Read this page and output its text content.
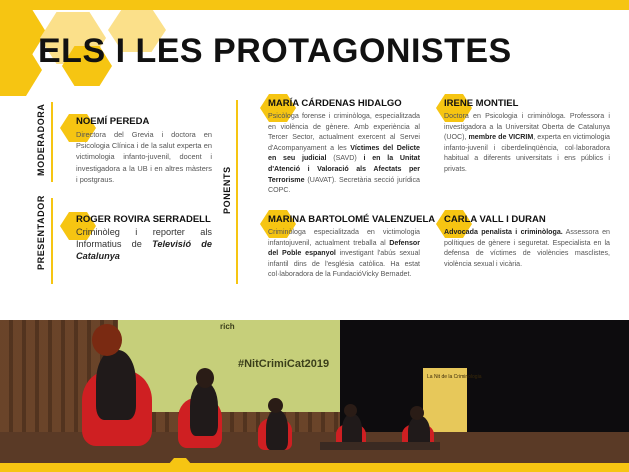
ELS I LES PROTAGONISTES
MODERADORA
PRESENTADOR

NOEMÍ PEREDA

Directora del Grevia i doctora en Psicologia Clínica i de la salut experta en victimologia infanto-juvenil, docent i investigadora a la UB i en altres màsters i postgraus.

ROGER ROVIRA SERRADELL

Criminòleg i reporter als Informatius de Televisió de Catalunya

PONENTS

MARÍA CÁRDENAS HIDALGO

Psicòloga forense i criminòloga, especialitzada en violència de gènere. Amb experiència al Tercer Sector, actualment exercent al Servei d'Acompanyament a les Víctimes del Delicte en seu judicial (SAVD) i en la Unitat d'Atenció i Valoració als Afectats per Terrorisme (UAVAT). Secretària secció jurídica COPC.

IRENE MONTIEL

Doctora en Psicologia i criminòloga. Professora i investigadora a la Universitat Oberta de Catalunya (UOC), membre de VICRIM, experta en victimologia infanto-juvenil i ciberdelinqüència, col·laboradora habitual a diferents universitats i ens públics i privats.

MARINA BARTOLOMÉ VALENZUELA

Criminòloga especialitzada en victimologia infantojuvenil, actualment treballa al Defensor del Poble espanyol investigant l'abús sexual infantil dins de l'església catòlica. Ha estat col·laboradora de la FundacióVicky Bernadet.

CARLA VALL I DURAN

Advocada penalista i criminòloga. Assessora en polítiques de gènere i seguretat. Especialista en la defensa de víctimes de violències masclistes, violència sexual i vicària.

rich
#NitCrimiCat2019
La Nit de la Criminologia
